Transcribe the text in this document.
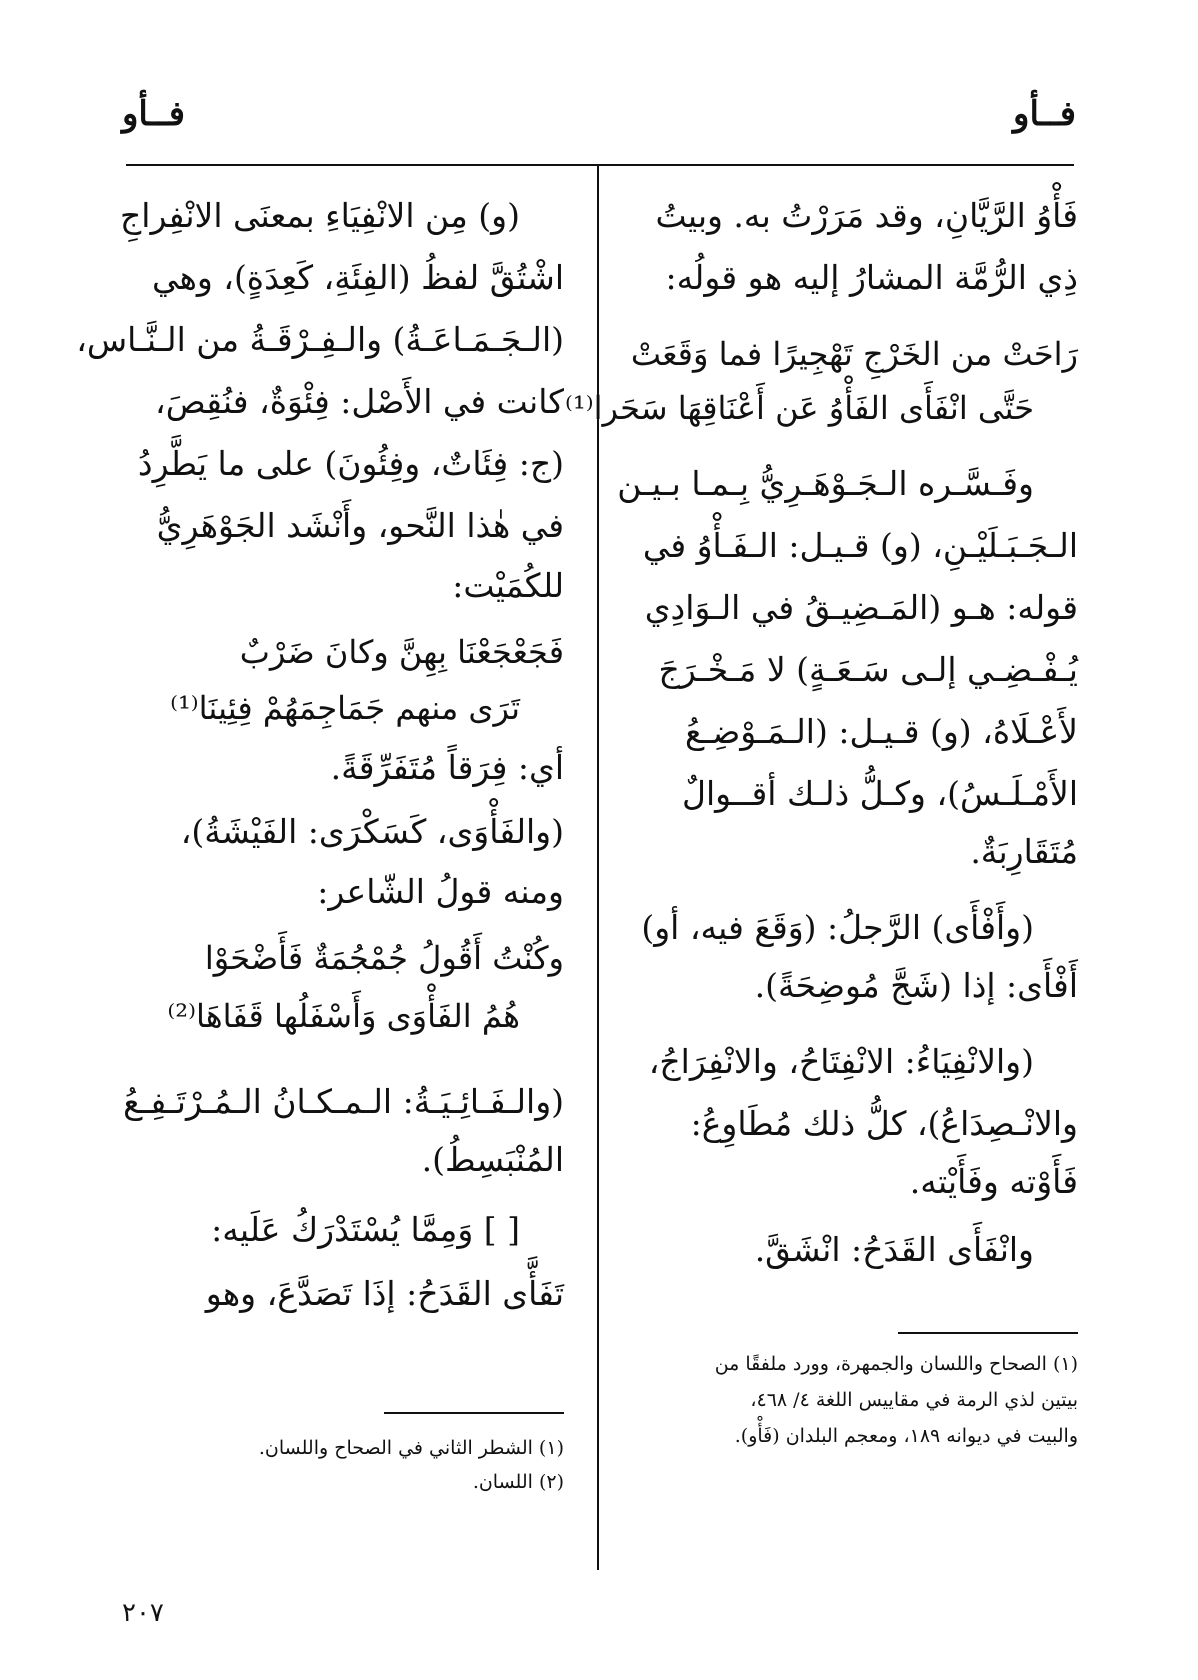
فــأو
فــأو
فَأْوُ الرَّيَّانِ، وقد مَرَرْتُ به. وبيتُ
ذِي الرُّمَّة المشارُ إليه هو قولُه:
رَاحَتْ من الخَرْجِ تَهْجِيرًا فما وَقَعَتْ
حَتَّى انْفَأَى الفَأْوُ عَن أَعْنَاقِهَا سَحَرا⁽¹⁾
وفَـسَّـره الـجَـوْهَـرِيُّ بِـمـا بـيـن
الـجَـبَـلَيْـنِ، (و) قـيـل: الـفَـأْوُ في
قوله: هـو (المَـضِيـقُ في الـوَادِي
يُـفْـضِـي إلـى سَـعَـةٍ) لا مَـخْـرَجَ
لأَعْـلَاهُ، (و) قـيـل: (الـمَـوْضِـعُ
الأَمْـلَـسُ)، وكـلُّ ذلـك أقــوالٌ
مُتَقَارِبَةٌ.
(وأَفْأَى) الرَّجلُ: (وَقَعَ فيه، أو)
أَفْأَى: إذا (شَجَّ مُوضِحَةً).
(والانْفِيَاءُ: الانْفِتَاحُ، والانْفِرَاجُ،
والانْـصِدَاعُ)، كلُّ ذلك مُطَاوِعُ:
فَأَوْته وفَأَيْته.
وانْفَأَى القَدَحُ: انْشَقَّ.
(١) الصحاح واللسان والجمهرة، وورد ملفقًا من
بيتين لذي الرمة في مقاييس اللغة ٤/ ٤٦٨،
والبيت في ديوانه ١٨٩، ومعجم البلدان (فَأْو).
(و) مِن الانْفِيَاءِ بمعنَى الانْفِراجِ
اشْتُقَّ لفظُ (الفِئَةِ، كَعِدَةٍ)، وهي
(الـجَـمَـاعَـةُ) والـفِـرْقَـةُ من الـنَّـاس،
كانت في الأَصْل: فِئْوَةٌ، فنُقِصَ،
(ج: فِئَاتٌ، وفِئُونَ) على ما يَطَّرِدُ
في هٰذا النَّحو، وأَنْشَد الجَوْهَرِيُّ
للكُمَيْت:
فَجَعْجَعْنَا بِهِنَّ وكانَ ضَرْبٌ
تَرَى منهم جَمَاجِمَهُمْ فِئِينَا⁽¹⁾
أي: فِرَقاً مُتَفَرِّقَةً.
(والفَأْوَى، كَسَكْرَى: الفَيْشَةُ)،
ومنه قولُ الشّاعر:
وكُنْتُ أَقُولُ جُمْجُمَةٌ فَأَضْحَوْا
هُمُ الفَأْوَى وَأَسْفَلُها قَفَاهَا⁽²⁾
(والـفَـائِـيَـةُ: الـمـكـانُ الـمُـرْتَـفِـعُ
المُنْبَسِطُ).
[ ] وَمِمَّا يُسْتَدْرَكُ عَلَيه:
تَفَأَّى القَدَحُ: إذَا تَصَدَّعَ، وهو
(١) الشطر الثاني في الصحاح واللسان.
(٢) اللسان.
٢٠٧
